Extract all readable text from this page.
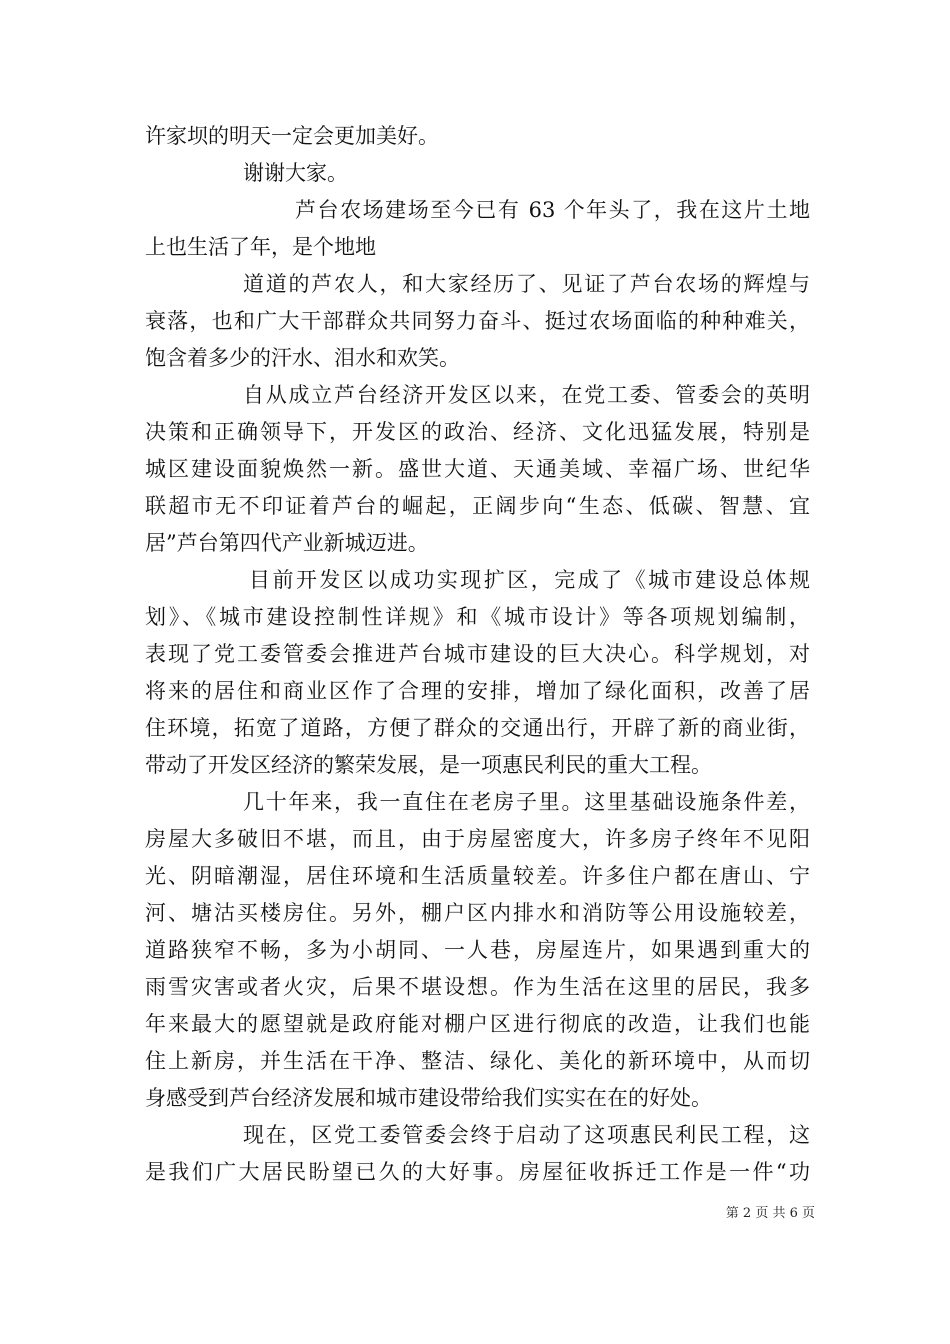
许家坝的明天一定会更加美好。
谢谢大家。
芦台农场建场至今已有 63 个年头了，我在这片土地
上也生活了年，是个地地
道道的芦农人，和大家经历了、见证了芦台农场的辉煌与
衰落，也和广大干部群众共同努力奋斗、挺过农场面临的种种难关，
饱含着多少的汗水、泪水和欢笑。
自从成立芦台经济开发区以来，在党工委、管委会的英明
决策和正确领导下，开发区的政治、经济、文化迅猛发展，特别是
城区建设面貌焕然一新。盛世大道、天通美域、幸福广场、世纪华
联超市无不印证着芦台的崛起，正阔步向“生态、低碳、智慧、宜
居”芦台第四代产业新城迈进。
目前开发区以成功实现扩区，完成了《城市建设总体规
划》、《城市建设控制性详规》和《城市设计》等各项规划编制，
表现了党工委管委会推进芦台城市建设的巨大决心。科学规划，对
将来的居住和商业区作了合理的安排，增加了绿化面积，改善了居
住环境，拓宽了道路，方便了群众的交通出行，开辟了新的商业街，
带动了开发区经济的繁荣发展，是一项惠民利民的重大工程。
几十年来，我一直住在老房子里。这里基础设施条件差，
房屋大多破旧不堪，而且，由于房屋密度大，许多房子终年不见阳
光、阴暗潮湿，居住环境和生活质量较差。许多住户都在唐山、宁
河、塘沽买楼房住。另外，棚户区内排水和消防等公用设施较差，
道路狭窄不畅，多为小胡同、一人巷，房屋连片，如果遇到重大的
雨雪灾害或者火灾，后果不堪设想。作为生活在这里的居民，我多
年来最大的愿望就是政府能对棚户区进行彻底的改造，让我们也能
住上新房，并生活在干净、整洁、绿化、美化的新环境中，从而切
身感受到芦台经济发展和城市建设带给我们实实在在的好处。
现在，区党工委管委会终于启动了这项惠民利民工程，这
是我们广大居民盼望已久的大好事。房屋征收拆迁工作是一件“功
第 2 页 共 6 页
